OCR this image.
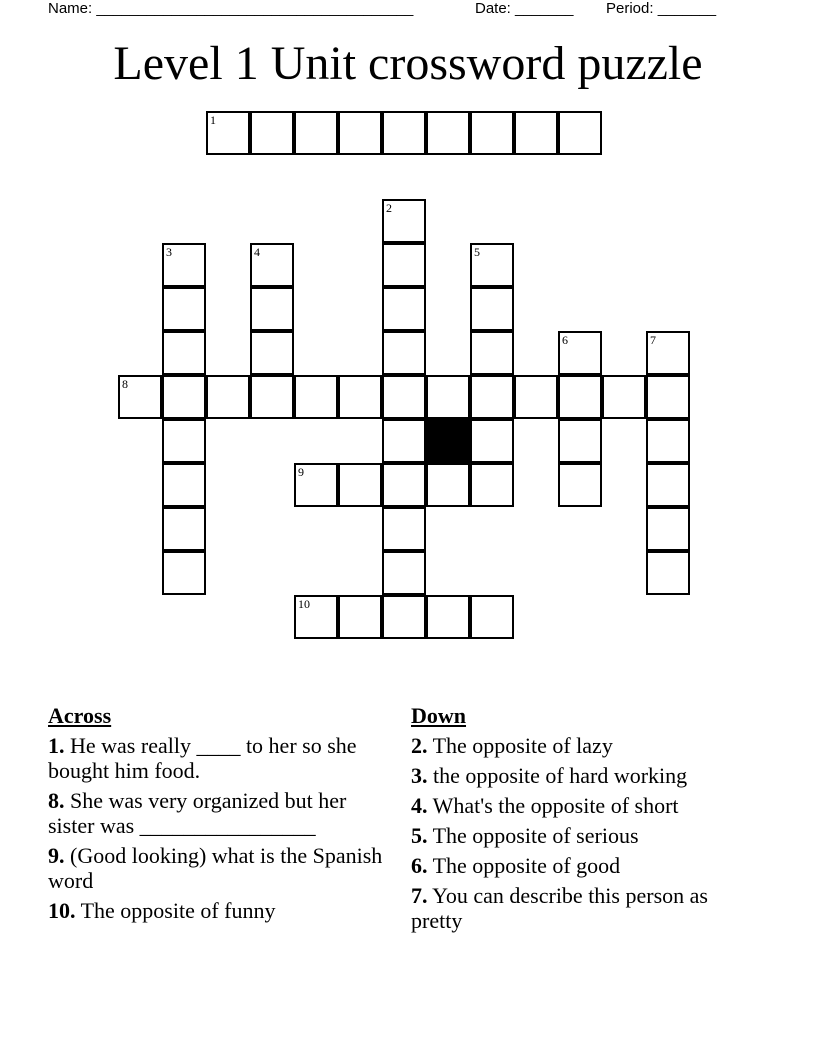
Name: ______________________________________	Date: _______ Period: _______
Level 1 Unit crossword puzzle
1
2
3	4	5
6	7
8
9
10
Across
1. He was really ____ to her so she bought him food.
8. She was very organized but her sister was ________________
9. (Good looking) what is the Spanish word
10. The opposite of funny
Down
2. The opposite of lazy
3. the opposite of hard working
4. What's the opposite of short
5. The opposite of serious
6. The opposite of good
7. You can describe this person as pretty
